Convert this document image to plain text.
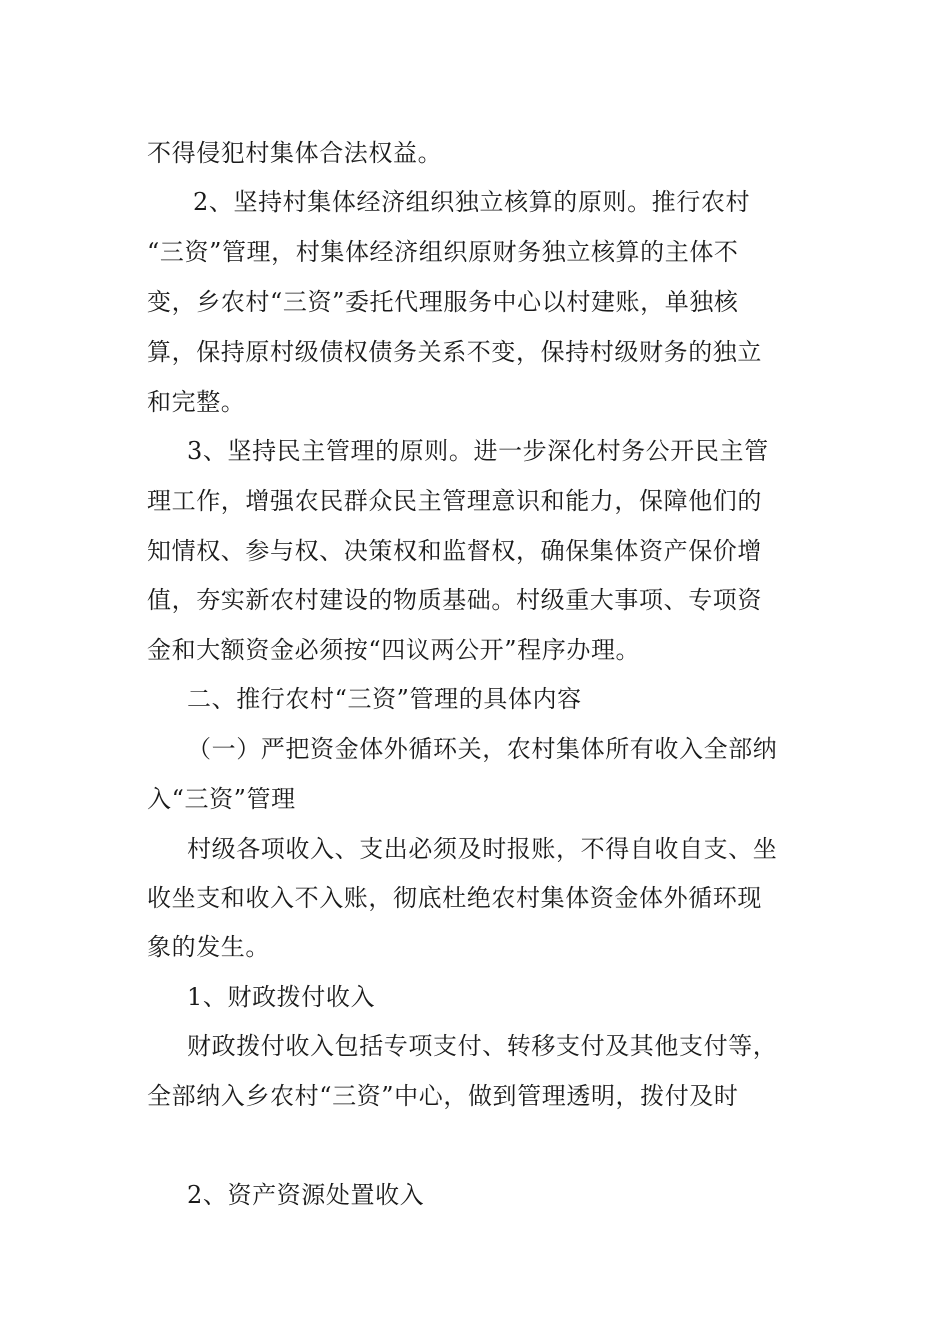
不得侵犯村集体合法权益。
2、坚持村集体经济组织独立核算的原则。推行农村
“三资”管理，村集体经济组织原财务独立核算的主体不
变，乡农村“三资”委托代理服务中心以村建账，单独核
算，保持原村级债权债务关系不变，保持村级财务的独立
和完整。
3、坚持民主管理的原则。进一步深化村务公开民主管
理工作，增强农民群众民主管理意识和能力，保障他们的
知情权、参与权、决策权和监督权，确保集体资产保价增
值，夯实新农村建设的物质基础。村级重大事项、专项资
金和大额资金必须按“四议两公开”程序办理。
二、推行农村“三资”管理的具体内容
（一）严把资金体外循环关，农村集体所有收入全部纳
入“三资”管理
村级各项收入、支出必须及时报账，不得自收自支、坐
收坐支和收入不入账，彻底杜绝农村集体资金体外循环现
象的发生。
1、财政拨付收入
财政拨付收入包括专项支付、转移支付及其他支付等，
全部纳入乡农村“三资”中心，做到管理透明，拨付及时
2、资产资源处置收入
